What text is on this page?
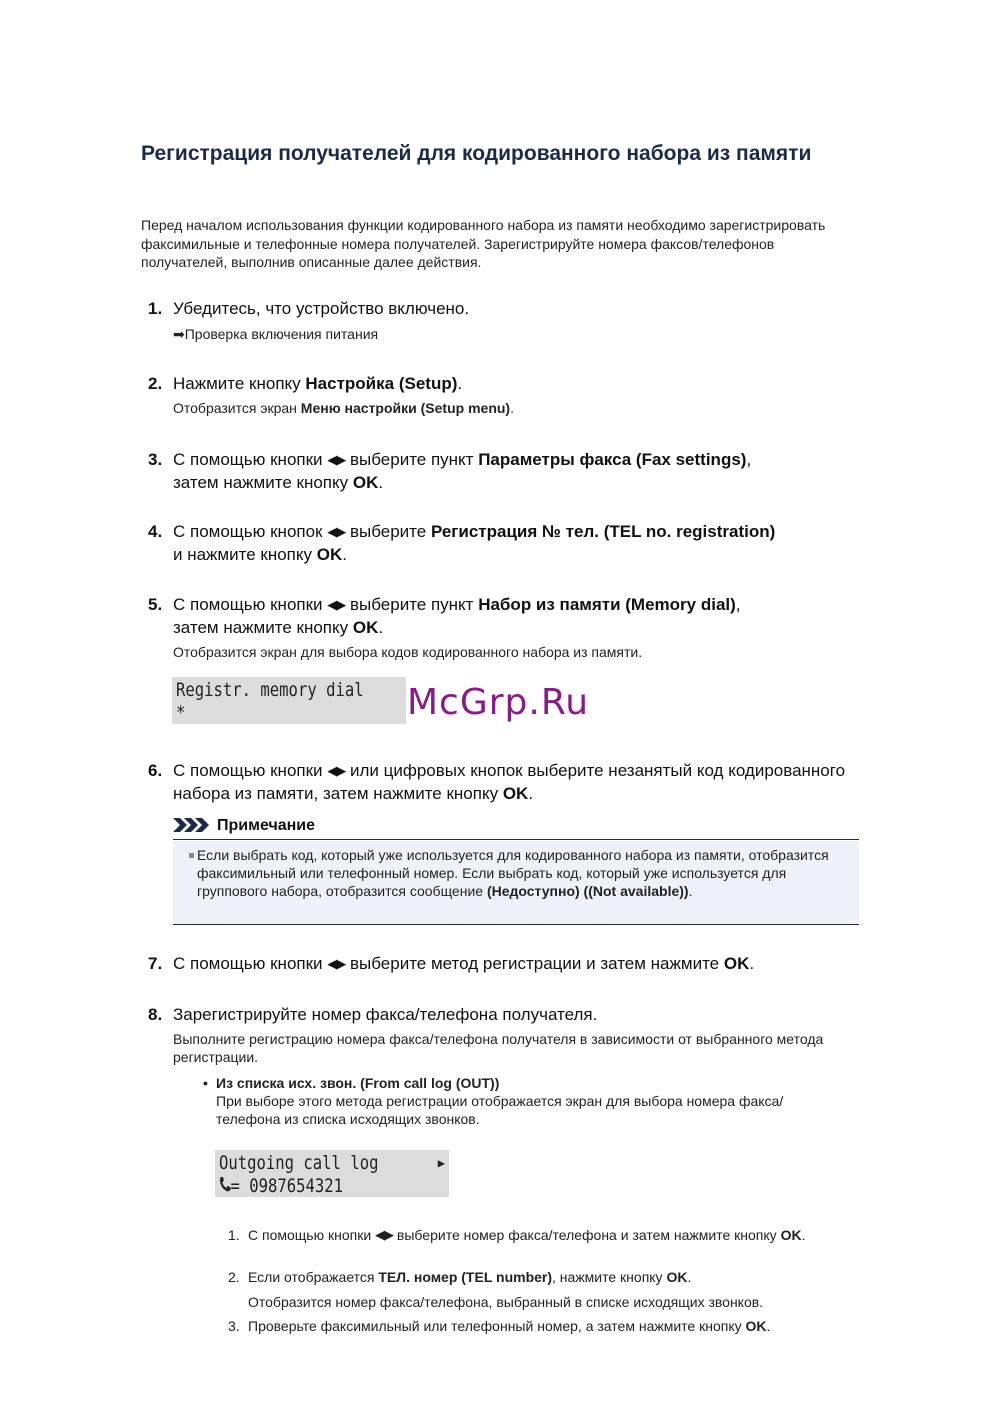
Регистрация получателей для кодированного набора из памяти
Перед началом использования функции кодированного набора из памяти необходимо зарегистрировать факсимильные и телефонные номера получателей. Зарегистрируйте номера факсов/телефонов получателей, выполнив описанные далее действия.
1. Убедитесь, что устройство включено.
➡Проверка включения питания
2. Нажмите кнопку Настройка (Setup).
Отобразится экран Меню настройки (Setup menu).
3. С помощью кнопки ◀▶ выберите пункт Параметры факса (Fax settings),
затем нажмите кнопку OK.
4. С помощью кнопок ◀▶ выберите Регистрация № тел. (TEL no. registration)
и нажмите кнопку OK.
5. С помощью кнопки ◀▶ выберите пункт Набор из памяти (Memory dial),
затем нажмите кнопку OK.
Отобразится экран для выбора кодов кодированного набора из памяти.
Registr. memory dial
*	McGrp.Ru
6. С помощью кнопки ◀▶ или цифровых кнопок выберите незанятый код кодированного набора из памяти, затем нажмите кнопку OK.
Примечание
Если выбрать код, который уже используется для кодированного набора из памяти, отобразится факсимильный или телефонный номер. Если выбрать код, который уже используется для группового набора, отобразится сообщение (Недоступно) ((Not available)).
7. С помощью кнопки ◀▶ выберите метод регистрации и затем нажмите OK.
8. Зарегистрируйте номер факса/телефона получателя.
Выполните регистрацию номера факса/телефона получателя в зависимости от выбранного метода регистрации.
• Из списка исх. звон. (From call log (OUT))
При выборе этого метода регистрации отображается экран для выбора номера факса/ телефона из списка исходящих звонков.
Outgoing call log	▶
= 0987654321
1. С помощью кнопки ◀▶ выберите номер факса/телефона и затем нажмите кнопку OK.
2. Если отображается ТЕЛ. номер (TEL number), нажмите кнопку OK.
Отобразится номер факса/телефона, выбранный в списке исходящих звонков.
3. Проверьте факсимильный или телефонный номер, а затем нажмите кнопку OK.
